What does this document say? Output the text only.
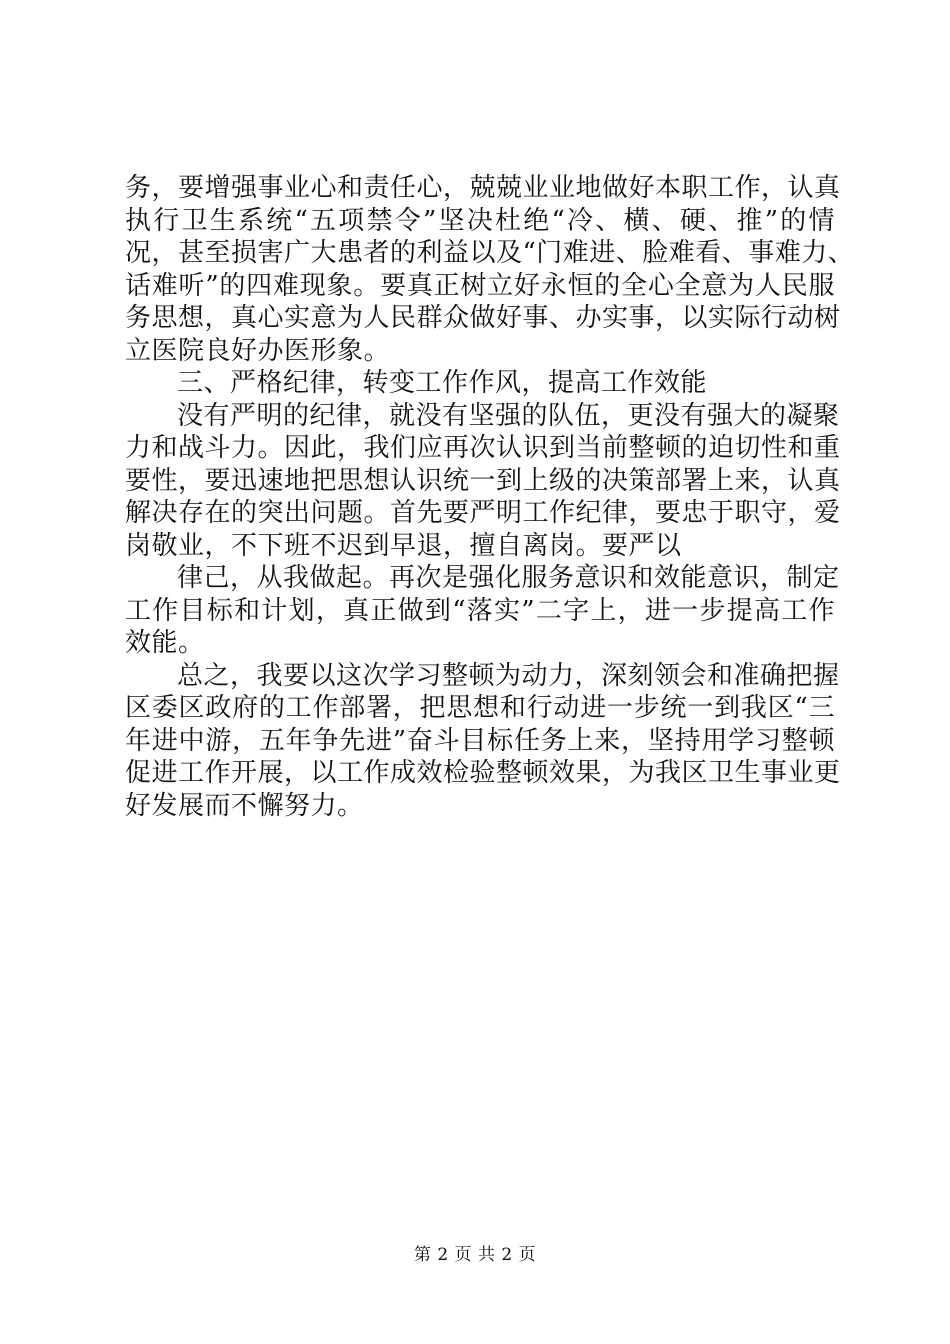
务，要增强事业心和责任心，兢兢业业地做好本职工作，认真
执行卫生系统“五项禁令”坚决杜绝“冷、横、硬、推”的情
况，甚至损害广大患者的利益以及“门难进、脸难看、事难力、
话难听”的四难现象。要真正树立好永恒的全心全意为人民服
务思想，真心实意为人民群众做好事、办实事，以实际行动树
立医院良好办医形象。
三、严格纪律，转变工作作风，提高工作效能
没有严明的纪律，就没有坚强的队伍，更没有强大的凝聚
力和战斗力。因此，我们应再次认识到当前整顿的迫切性和重
要性，要迅速地把思想认识统一到上级的决策部署上来，认真
解决存在的突出问题。首先要严明工作纪律，要忠于职守，爱
岗敬业，不下班不迟到早退，擅自离岗。要严以
律己，从我做起。再次是强化服务意识和效能意识，制定
工作目标和计划，真正做到“落实”二字上，进一步提高工作
效能。
总之，我要以这次学习整顿为动力，深刻领会和准确把握
区委区政府的工作部署，把思想和行动进一步统一到我区“三
年进中游，五年争先进”奋斗目标任务上来，坚持用学习整顿
促进工作开展，以工作成效检验整顿效果，为我区卫生事业更
好发展而不懈努力。
第 2 页 共 2 页
